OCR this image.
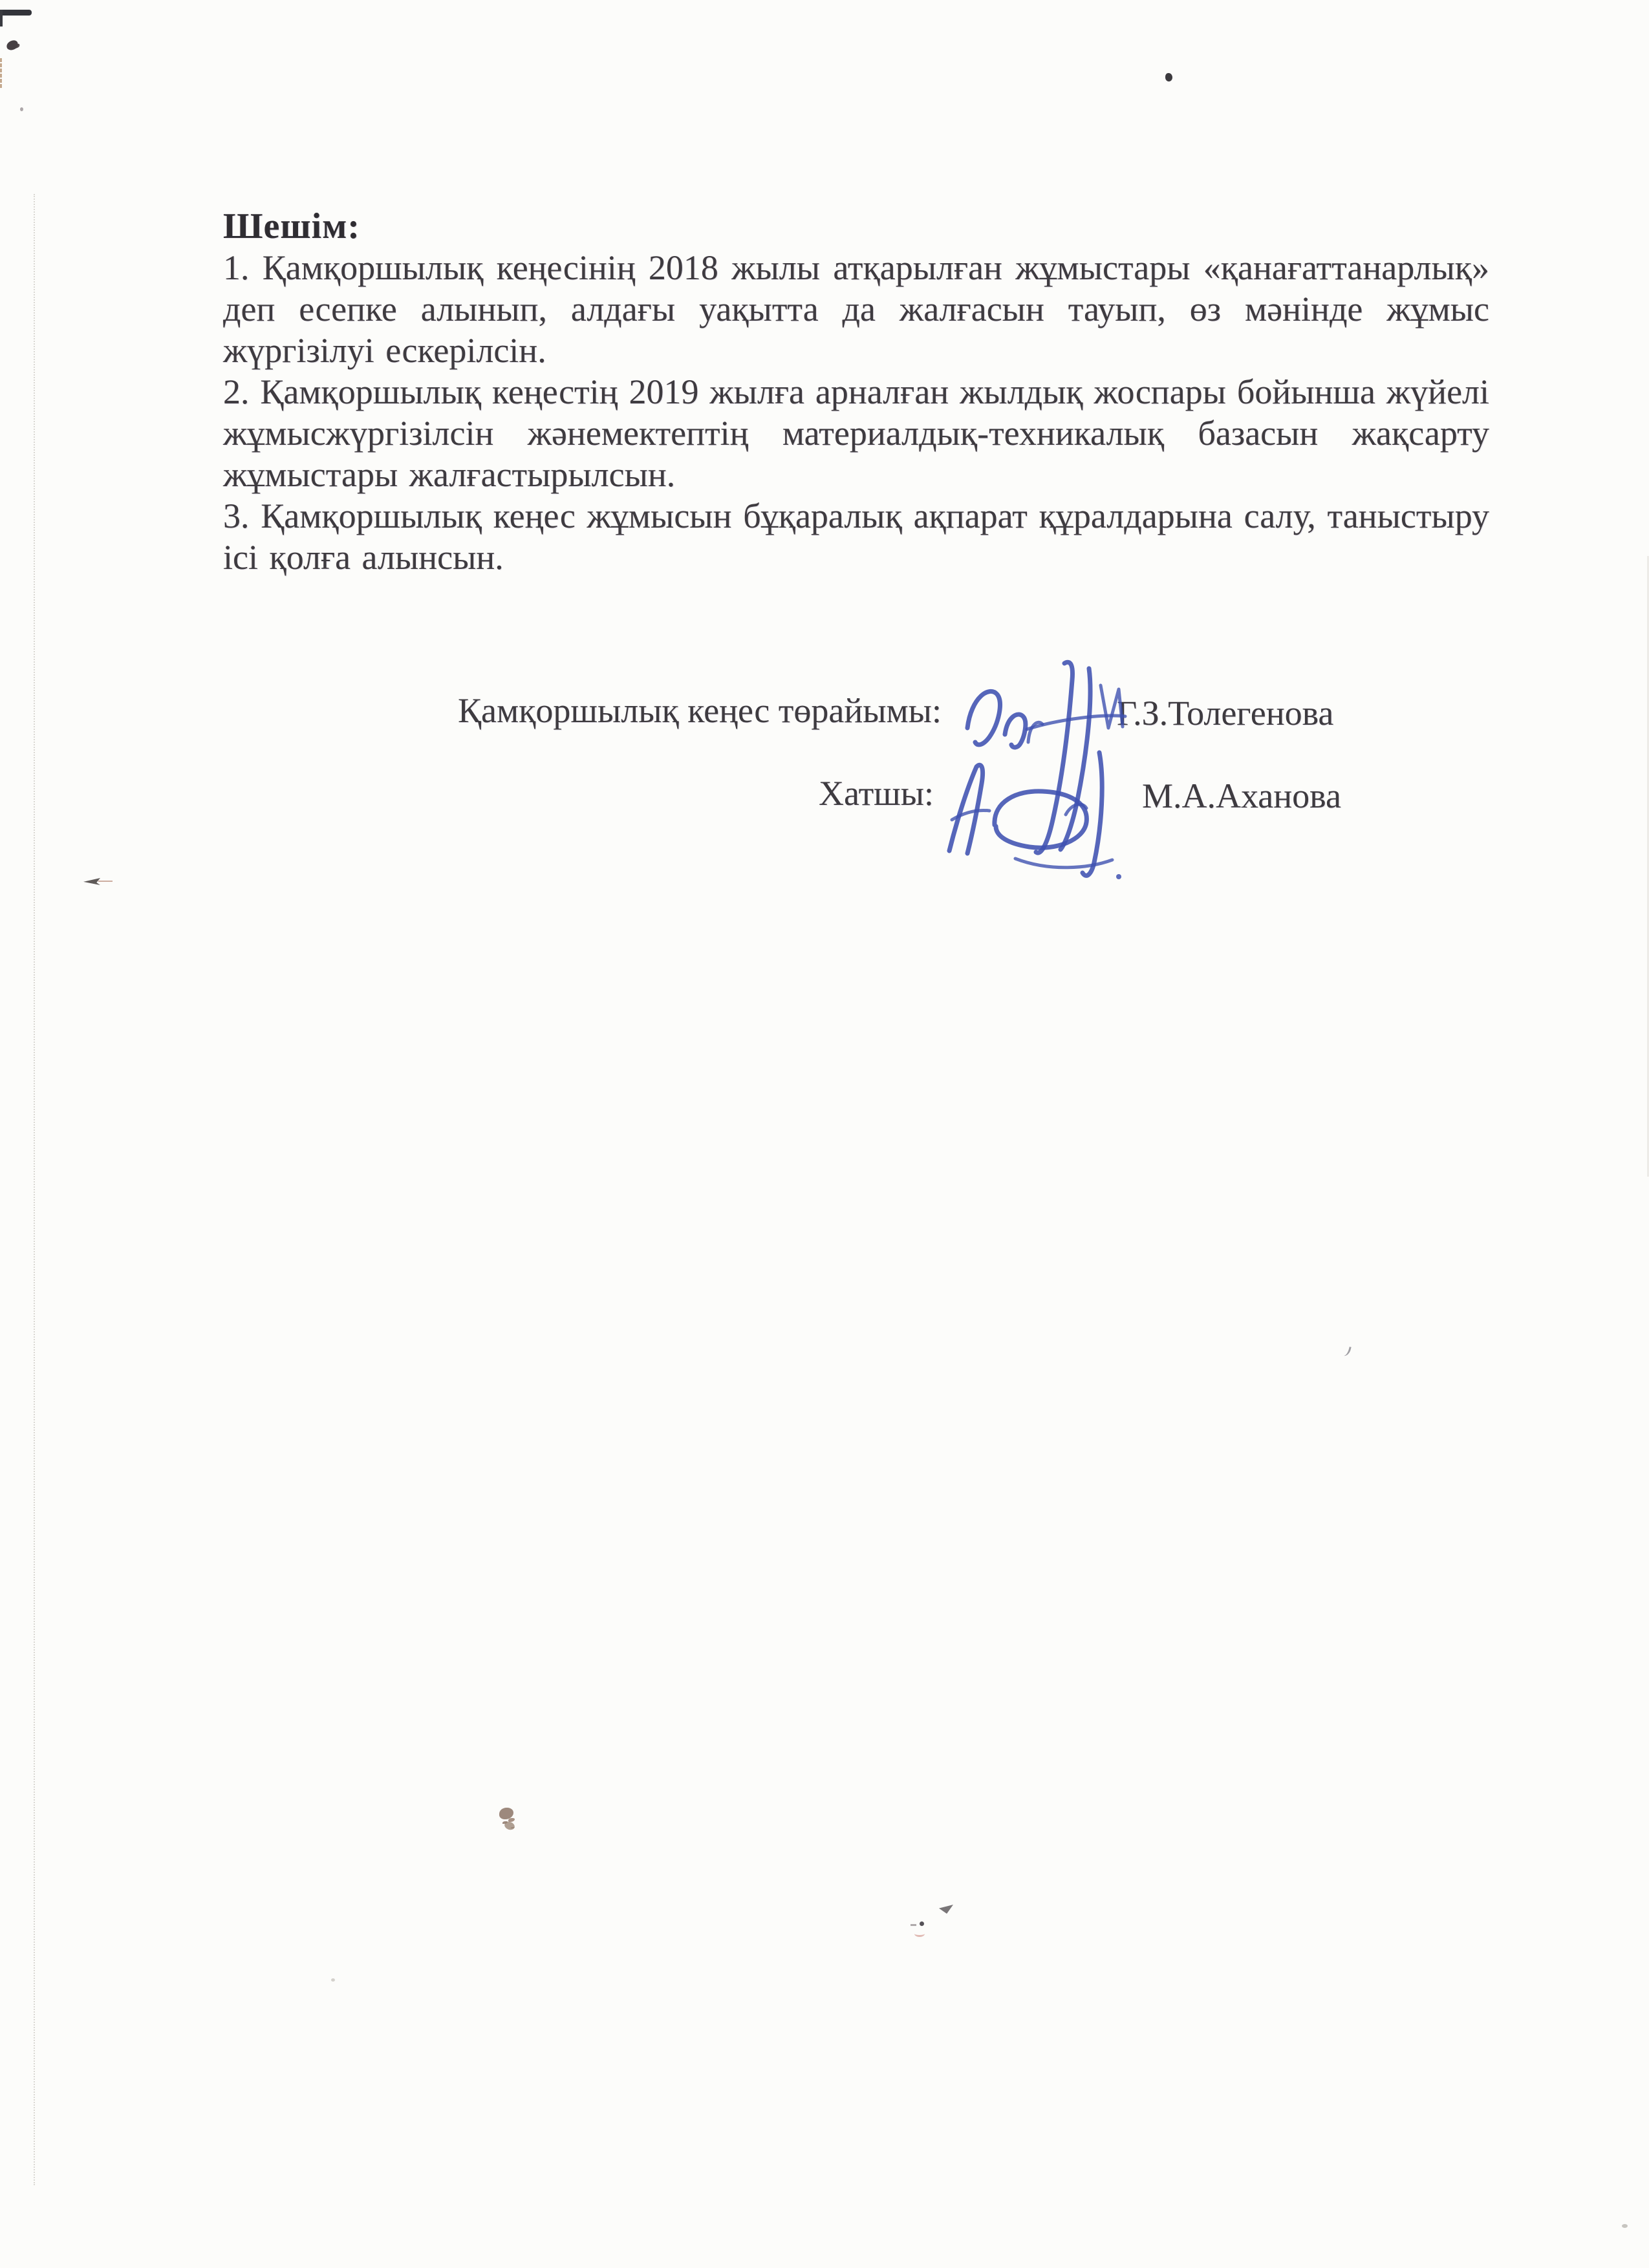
Шешім:
1. Қамқоршылық кеңесінің 2018 жылы атқарылған жұмыстары «қанағаттанарлық»
деп есепке алынып, алдағы уақытта да жалғасын тауып, өз мәнінде жұмыс
жүргізілуі ескерілсін.
2. Қамқоршылық кеңестің 2019 жылға арналған жылдық жоспары бойынша жүйелі
жұмысжүргізілсін жәнемектептің материалдық-техникалық базасын жақсарту
жұмыстары жалғастырылсын.
3. Қамқоршылық кеңес жұмысын бұқаралық ақпарат құралдарына салу, таныстыру
ісі қолға алынсын.
Қамқоршылық кеңес төрайымы:	Г.З.Толегенова
Хатшы:	М.А.Аханова
